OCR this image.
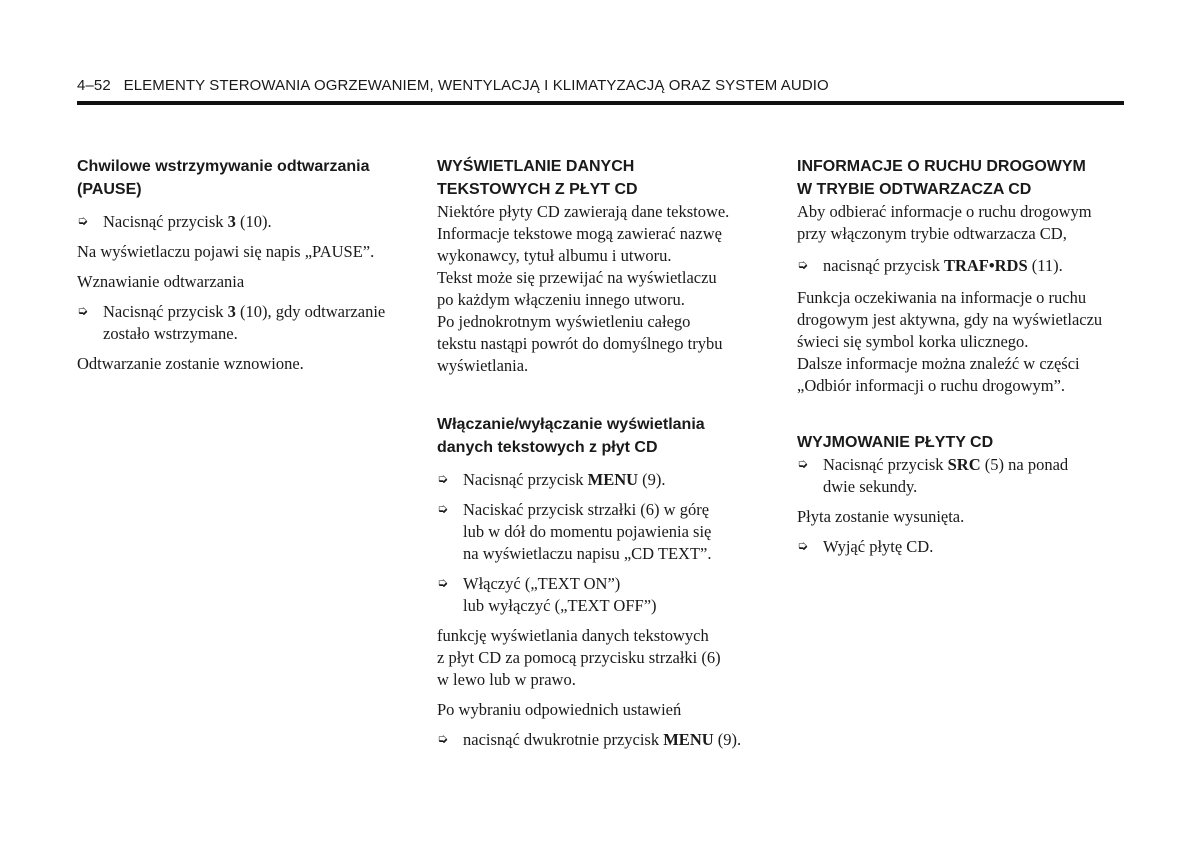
4–52 ELEMENTY STEROWANIA OGRZEWANIEM, WENTYLACJĄ I KLIMATYZACJĄ ORAZ SYSTEM AUDIO

Chwilowe wstrzymywanie odtwarzania
(PAUSE)

➭ Nacisnąć przycisk 3 (10).

Na wyświetlaczu pojawi się napis „PAUSE”.

Wznawianie odtwarzania

➭ Nacisnąć przycisk 3 (10), gdy odtwarzanie
zostało wstrzymane.

Odtwarzanie zostanie wznowione.

WYŚWIETLANIE DANYCH
TEKSTOWYCH Z PŁYT CD

Niektóre płyty CD zawierają dane tekstowe.
Informacje tekstowe mogą zawierać nazwę
wykonawcy, tytuł albumu i utworu.
Tekst może się przewijać na wyświetlaczu
po każdym włączeniu innego utworu.
Po jednokrotnym wyświetleniu całego
tekstu nastąpi powrót do domyślnego trybu
wyświetlania.

Włączanie/wyłączanie wyświetlania
danych tekstowych z płyt CD

➭ Nacisnąć przycisk MENU (9).

➭ Naciskać przycisk strzałki (6) w górę
lub w dół do momentu pojawienia się
na wyświetlaczu napisu „CD TEXT”.

➭ Włączyć („TEXT ON”)
lub wyłączyć („TEXT OFF”)

funkcję wyświetlania danych tekstowych
z płyt CD za pomocą przycisku strzałki (6)
w lewo lub w prawo.

Po wybraniu odpowiednich ustawień

➭ nacisnąć dwukrotnie przycisk MENU (9).

INFORMACJE O RUCHU DROGOWYM
W TRYBIE ODTWARZACZA CD

Aby odbierać informacje o ruchu drogowym
przy włączonym trybie odtwarzacza CD,

➭ nacisnąć przycisk TRAF•RDS (11).

Funkcja oczekiwania na informacje o ruchu
drogowym jest aktywna, gdy na wyświetlaczu
świeci się symbol korka ulicznego.
Dalsze informacje można znaleźć w części
„Odbiór informacji o ruchu drogowym”.

WYJMOWANIE PŁYTY CD

➭ Nacisnąć przycisk SRC (5) na ponad
dwie sekundy.

Płyta zostanie wysunięta.

➭ Wyjąć płytę CD.
